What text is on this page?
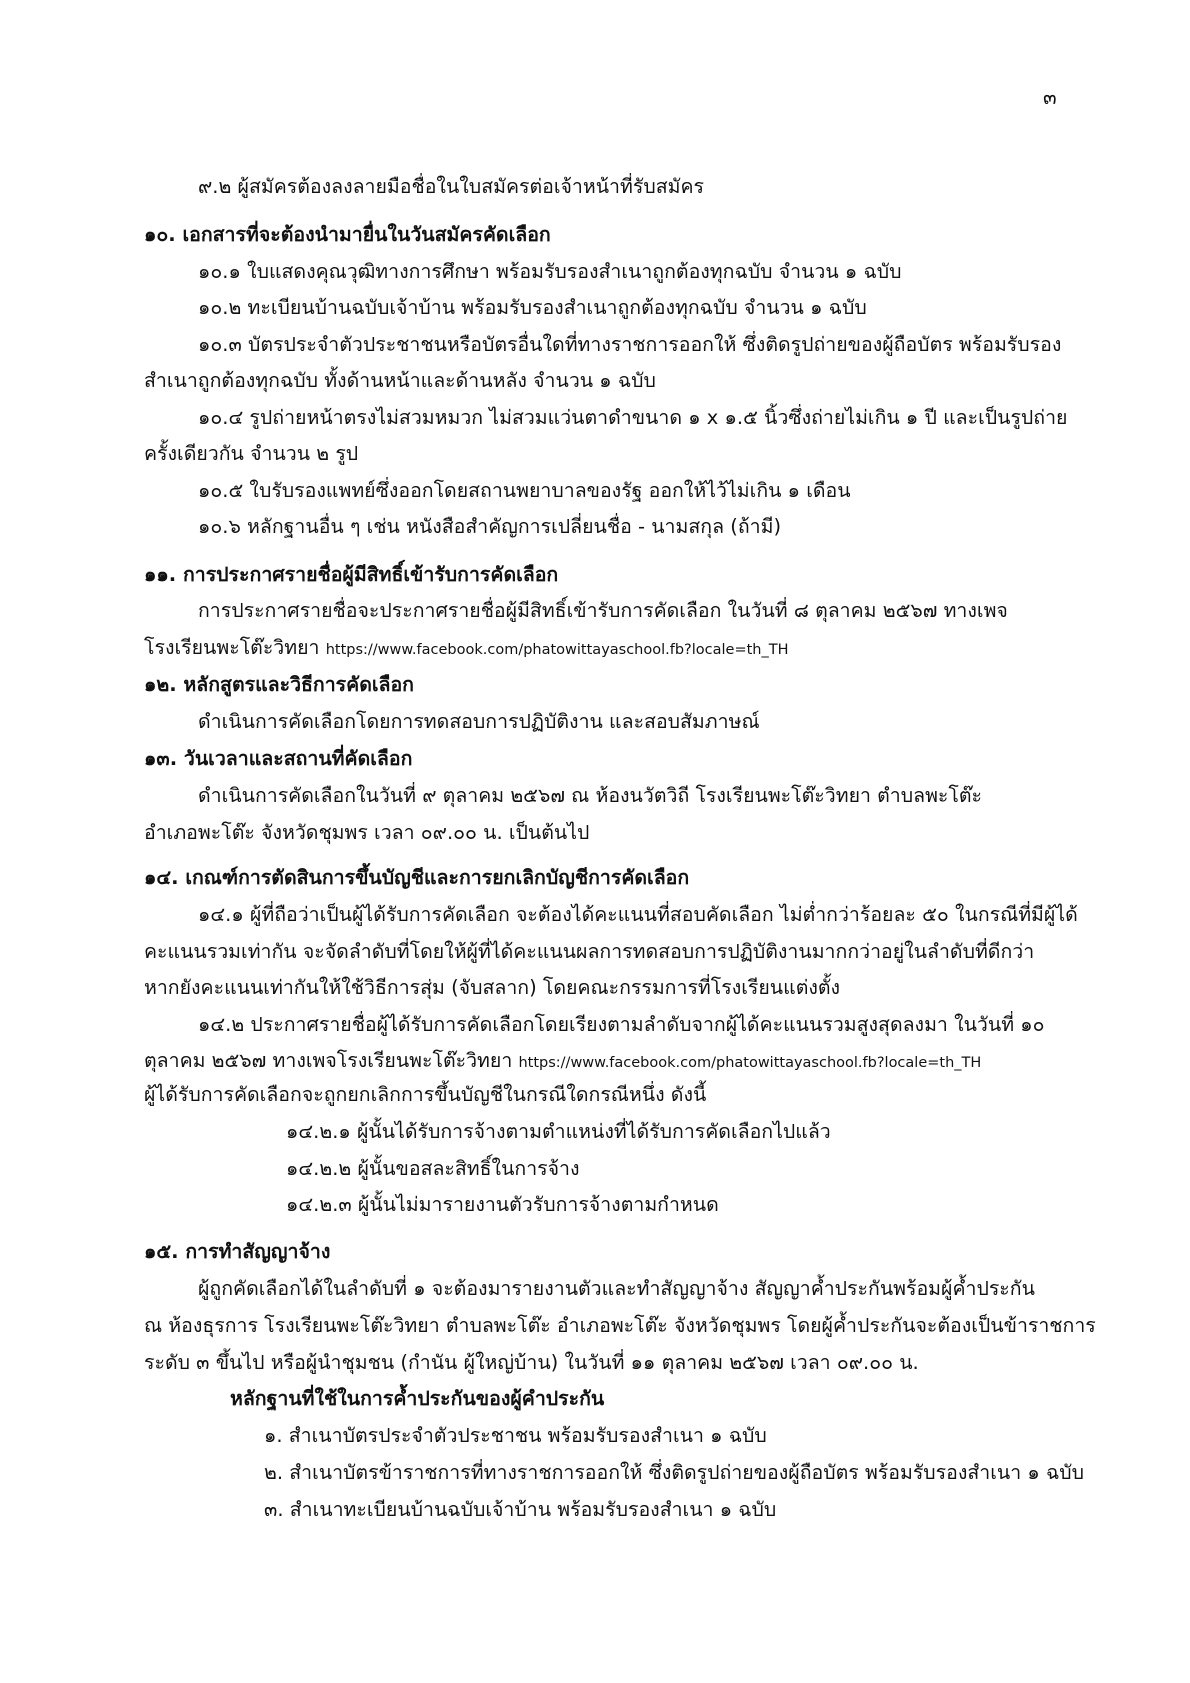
๓
๙.๒ ผู้สมัครต้องลงลายมือชื่อในใบสมัครต่อเจ้าหน้าที่รับสมัคร
๑๐. เอกสารที่จะต้องนำมายื่นในวันสมัครคัดเลือก
๑๐.๑ ใบแสดงคุณวุฒิทางการศึกษา พร้อมรับรองสำเนาถูกต้องทุกฉบับ จำนวน ๑ ฉบับ
๑๐.๒ ทะเบียนบ้านฉบับเจ้าบ้าน พร้อมรับรองสำเนาถูกต้องทุกฉบับ จำนวน ๑ ฉบับ
๑๐.๓ บัตรประจำตัวประชาชนหรือบัตรอื่นใดที่ทางราชการออกให้ ซึ่งติดรูปถ่ายของผู้ถือบัตร พร้อมรับรอง
สำเนาถูกต้องทุกฉบับ ทั้งด้านหน้าและด้านหลัง จำนวน ๑ ฉบับ
๑๐.๔ รูปถ่ายหน้าตรงไม่สวมหมวก ไม่สวมแว่นตาดำขนาด ๑ x ๑.๕ นิ้วซึ่งถ่ายไม่เกิน ๑ ปี และเป็นรูปถ่าย
ครั้งเดียวกัน จำนวน ๒ รูป
๑๐.๕ ใบรับรองแพทย์ซึ่งออกโดยสถานพยาบาลของรัฐ ออกให้ไว้ไม่เกิน ๑ เดือน
๑๐.๖ หลักฐานอื่น ๆ เช่น หนังสือสำคัญการเปลี่ยนชื่อ - นามสกุล (ถ้ามี)
๑๑. การประกาศรายชื่อผู้มีสิทธิ์เข้ารับการคัดเลือก
การประกาศรายชื่อจะประกาศรายชื่อผู้มีสิทธิ์เข้ารับการคัดเลือก ในวันที่ ๘ ตุลาคม ๒๕๖๗ ทางเพจ
โรงเรียนพะโต๊ะวิทยา https://www.facebook.com/phatowittayaschool.fb?locale=th_TH
๑๒. หลักสูตรและวิธีการคัดเลือก
ดำเนินการคัดเลือกโดยการทดสอบการปฏิบัติงาน และสอบสัมภาษณ์
๑๓. วันเวลาและสถานที่คัดเลือก
ดำเนินการคัดเลือกในวันที่ ๙ ตุลาคม ๒๕๖๗ ณ ห้องนวัตวิถี โรงเรียนพะโต๊ะวิทยา ตำบลพะโต๊ะ
อำเภอพะโต๊ะ จังหวัดชุมพร เวลา ๐๙.๐๐ น. เป็นต้นไป
๑๔. เกณฑ์การตัดสินการขึ้นบัญชีและการยกเลิกบัญชีการคัดเลือก
๑๔.๑ ผู้ที่ถือว่าเป็นผู้ได้รับการคัดเลือก จะต้องได้คะแนนที่สอบคัดเลือก ไม่ต่ำกว่าร้อยละ ๕๐ ในกรณีที่มีผู้ได้
คะแนนรวมเท่ากัน จะจัดลำดับที่โดยให้ผู้ที่ได้คะแนนผลการทดสอบการปฏิบัติงานมากกว่าอยู่ในลำดับที่ดีกว่า
หากยังคะแนนเท่ากันให้ใช้วิธีการสุ่ม (จับสลาก) โดยคณะกรรมการที่โรงเรียนแต่งตั้ง
๑๔.๒ ประกาศรายชื่อผู้ได้รับการคัดเลือกโดยเรียงตามลำดับจากผู้ได้คะแนนรวมสูงสุดลงมา ในวันที่ ๑๐
ตุลาคม ๒๕๖๗ ทางเพจโรงเรียนพะโต๊ะวิทยา https://www.facebook.com/phatowittayaschool.fb?locale=th_TH
ผู้ได้รับการคัดเลือกจะถูกยกเลิกการขึ้นบัญชีในกรณีใดกรณีหนึ่ง ดังนี้
๑๔.๒.๑ ผู้นั้นได้รับการจ้างตามตำแหน่งที่ได้รับการคัดเลือกไปแล้ว
๑๔.๒.๒ ผู้นั้นขอสละสิทธิ์ในการจ้าง
๑๔.๒.๓ ผู้นั้นไม่มารายงานตัวรับการจ้างตามกำหนด
๑๕. การทำสัญญาจ้าง
ผู้ถูกคัดเลือกได้ในลำดับที่ ๑ จะต้องมารายงานตัวและทำสัญญาจ้าง สัญญาค้ำประกันพร้อมผู้ค้ำประกัน
ณ ห้องธุรการ โรงเรียนพะโต๊ะวิทยา ตำบลพะโต๊ะ อำเภอพะโต๊ะ จังหวัดชุมพร โดยผู้ค้ำประกันจะต้องเป็นข้าราชการ
ระดับ ๓ ขึ้นไป หรือผู้นำชุมชน (กำนัน ผู้ใหญ่บ้าน) ในวันที่ ๑๑ ตุลาคม ๒๕๖๗ เวลา ๐๙.๐๐ น.
หลักฐานที่ใช้ในการค้ำประกันของผู้คำประกัน
๑. สำเนาบัตรประจำตัวประชาชน พร้อมรับรองสำเนา ๑ ฉบับ
๒. สำเนาบัตรข้าราชการที่ทางราชการออกให้ ซึ่งติดรูปถ่ายของผู้ถือบัตร พร้อมรับรองสำเนา ๑ ฉบับ
๓. สำเนาทะเบียนบ้านฉบับเจ้าบ้าน พร้อมรับรองสำเนา ๑ ฉบับ
